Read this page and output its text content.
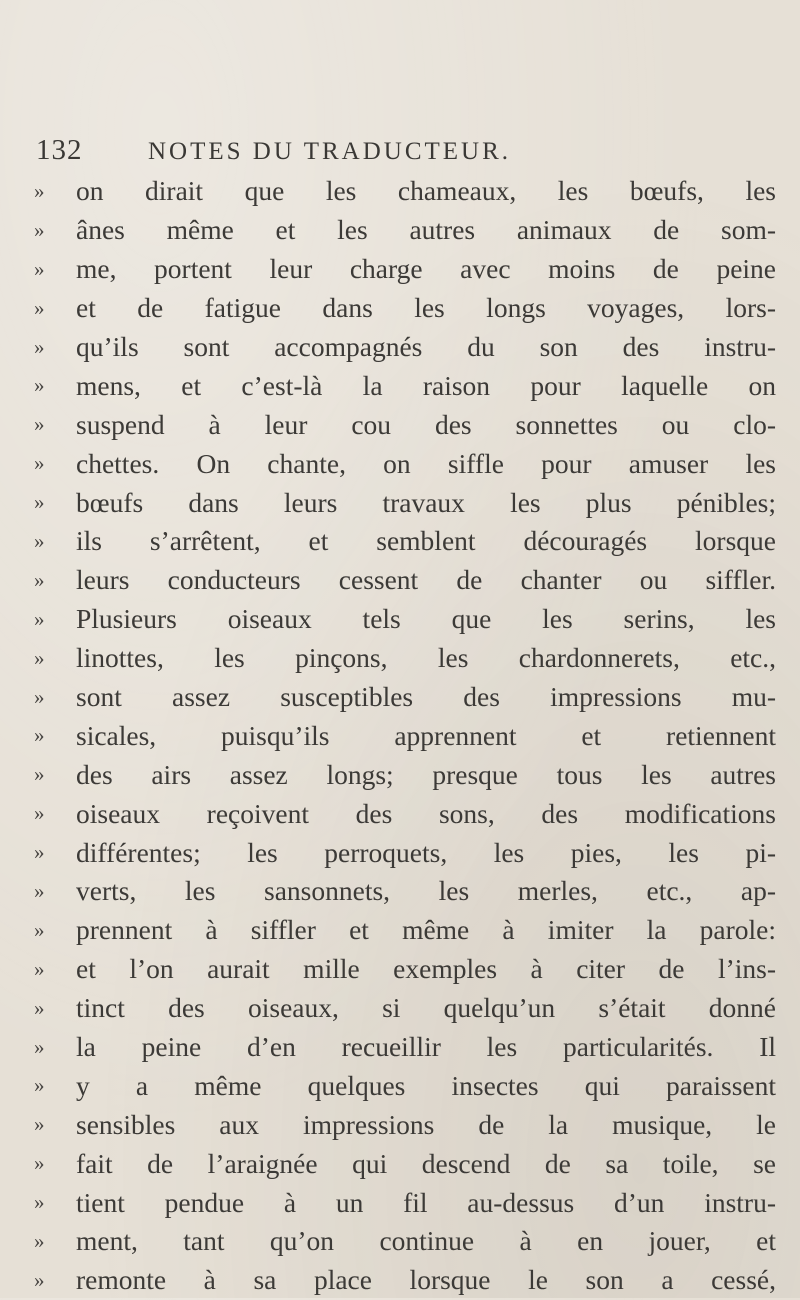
132	NOTES DU TRADUCTEUR.
»	on dirait que les chameaux, les bœufs, les
»	ânes même et les autres animaux de som-
»	me, portent leur charge avec moins de peine
»	et de fatigue dans les longs voyages, lors-
»	qu’ils sont accompagnés du son des instru-
»	mens, et c’est-là la raison pour laquelle on
»	suspend à leur cou des sonnettes ou clo-
»	chettes. On chante, on siffle pour amuser les
»	bœufs dans leurs travaux les plus pénibles;
»	ils s’arrêtent, et semblent découragés lorsque
»	leurs conducteurs cessent de chanter ou siffler.
»	Plusieurs oiseaux tels que les serins, les
»	linottes, les pinçons, les chardonnerets, etc.,
»	sont assez susceptibles des impressions mu-
»	sicales, puisqu’ils apprennent et retiennent
»	des airs assez longs; presque tous les autres
»	oiseaux reçoivent des sons, des modifications
»	différentes; les perroquets, les pies, les pi-
»	verts, les sansonnets, les merles, etc., ap-
»	prennent à siffler et même à imiter la parole:
»	et l’on aurait mille exemples à citer de l’ins-
»	tinct des oiseaux, si quelqu’un s’était donné
»	la peine d’en recueillir les particularités. Il
»	y a même quelques insectes qui paraissent
»	sensibles aux impressions de la musique, le
»	fait de l’araignée qui descend de sa toile, se
»	tient pendue à un fil au-dessus d’un instru-
»	ment, tant qu’on continue à en jouer, et
»	remonte à sa place lorsque le son a cessé,
